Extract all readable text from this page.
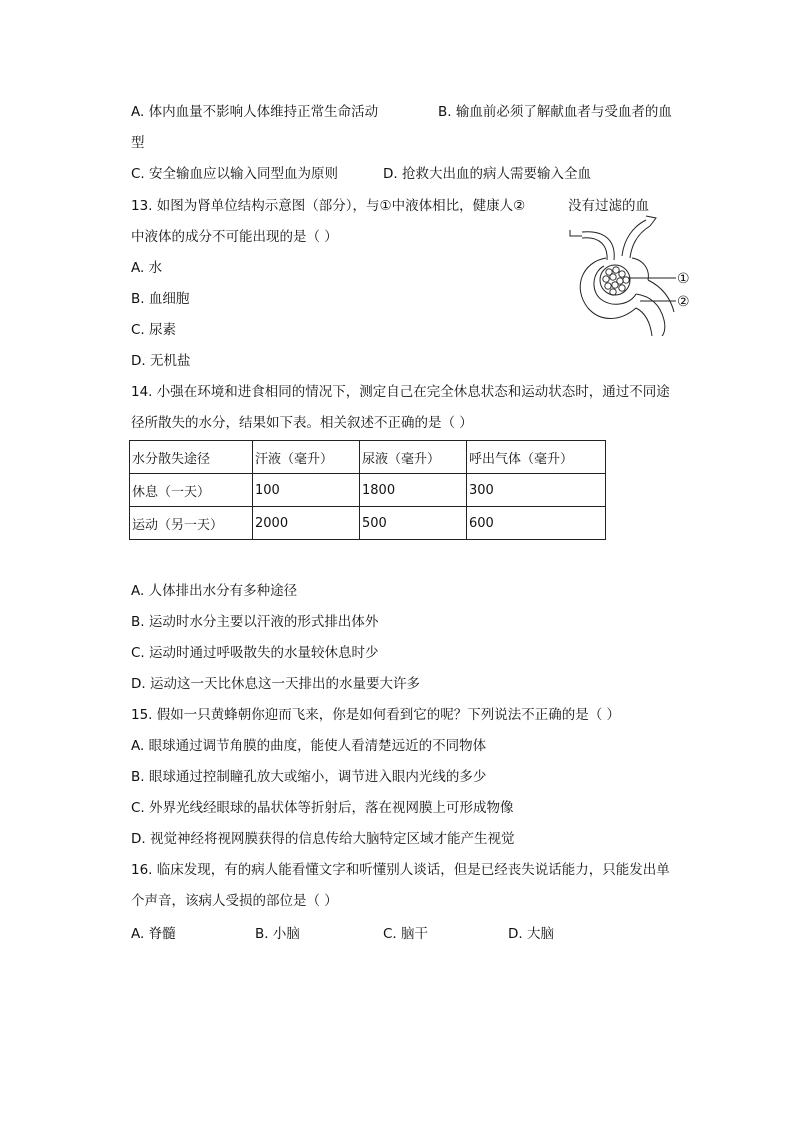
A. 体内血量不影响人体维持正常生命活动	B. 输血前必须了解献血者与受血者的血
型
C. 安全输血应以输入同型血为原则	D. 抢救大出血的病人需要输入全血
13. 如图为肾单位结构示意图（部分），与①中液体相比，健康人②
中液体的成分不可能出现的是（ ）
A. 水
B. 血细胞
C. 尿素
D. 无机盐
没有过滤的血
①
②
14. 小强在环境和进食相同的情况下，测定自己在完全休息状态和运动状态时，通过不同途
径所散失的水分，结果如下表。相关叙述不正确的是（ ）
水分散失途径	汗液（毫升）	尿液（毫升）	呼出气体（毫升）
休息（一天）	100	1800	300
运动（另一天）	2000	500	600
A. 人体排出水分有多种途径
B. 运动时水分主要以汗液的形式排出体外
C. 运动时通过呼吸散失的水量较休息时少
D. 运动这一天比休息这一天排出的水量要大许多
15. 假如一只黄蜂朝你迎而飞来，你是如何看到它的呢？下列说法不正确的是（ ）
A. 眼球通过调节角膜的曲度，能使人看清楚远近的不同物体
B. 眼球通过控制瞳孔放大或缩小，调节进入眼内光线的多少
C. 外界光线经眼球的晶状体等折射后，落在视网膜上可形成物像
D. 视觉神经将视网膜获得的信息传给大脑特定区域才能产生视觉
16. 临床发现，有的病人能看懂文字和听懂别人谈话，但是已经丧失说话能力，只能发出单
个声音，该病人受损的部位是（ ）
A. 脊髓	B. 小脑	C. 脑干	D. 大脑
